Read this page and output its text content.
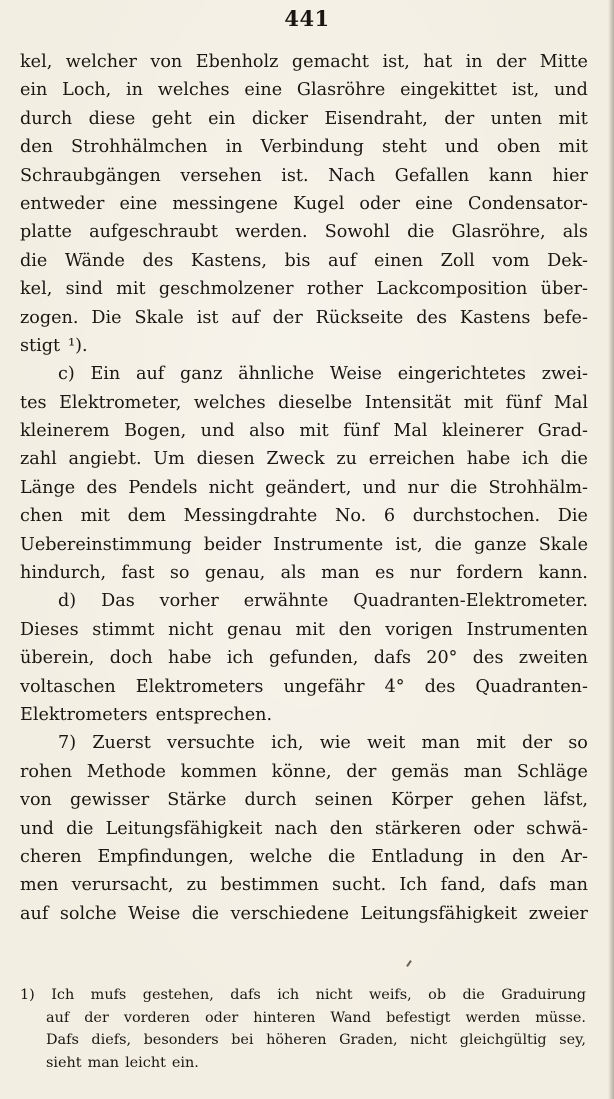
441
kel, welcher von Ebenholz gemacht ist, hat in der Mitte
ein Loch, in welches eine Glasröhre eingekittet ist, und
durch diese geht ein dicker Eisendraht, der unten mit
den Strohhälmchen in Verbindung steht und oben mit
Schraubgängen versehen ist. Nach Gefallen kann hier
entweder eine messingene Kugel oder eine Condensator-
platte aufgeschraubt werden. Sowohl die Glasröhre, als
die Wände des Kastens, bis auf einen Zoll vom Dek-
kel, sind mit geschmolzener rother Lackcomposition über-
zogen. Die Skale ist auf der Rückseite des Kastens befe-
stigt ¹).
c) Ein auf ganz ähnliche Weise eingerichtetes zwei-
tes Elektrometer, welches dieselbe Intensität mit fünf Mal
kleinerem Bogen, und also mit fünf Mal kleinerer Grad-
zahl angiebt. Um diesen Zweck zu erreichen habe ich die
Länge des Pendels nicht geändert, und nur die Strohhälm-
chen mit dem Messingdrahte No. 6 durchstochen. Die
Uebereinstimmung beider Instrumente ist, die ganze Skale
hindurch, fast so genau, als man es nur fordern kann.
d) Das vorher erwähnte Quadranten-Elektrometer.
Dieses stimmt nicht genau mit den vorigen Instrumenten
überein, doch habe ich gefunden, dafs 20° des zweiten
voltaschen Elektrometers ungefähr 4° des Quadranten-
Elektrometers entsprechen.
7) Zuerst versuchte ich, wie weit man mit der so
rohen Methode kommen könne, der gemäs man Schläge
von gewisser Stärke durch seinen Körper gehen läfst,
und die Leitungsfähigkeit nach den stärkeren oder schwä-
cheren Empfindungen, welche die Entladung in den Ar-
men verursacht, zu bestimmen sucht. Ich fand, dafs man
auf solche Weise die verschiedene Leitungsfähigkeit zweier
1) Ich mufs gestehen, dafs ich nicht weifs, ob die Graduirung
auf der vorderen oder hinteren Wand befestigt werden müsse.
Dafs diefs, besonders bei höheren Graden, nicht gleichgültig sey,
sieht man leicht ein.
